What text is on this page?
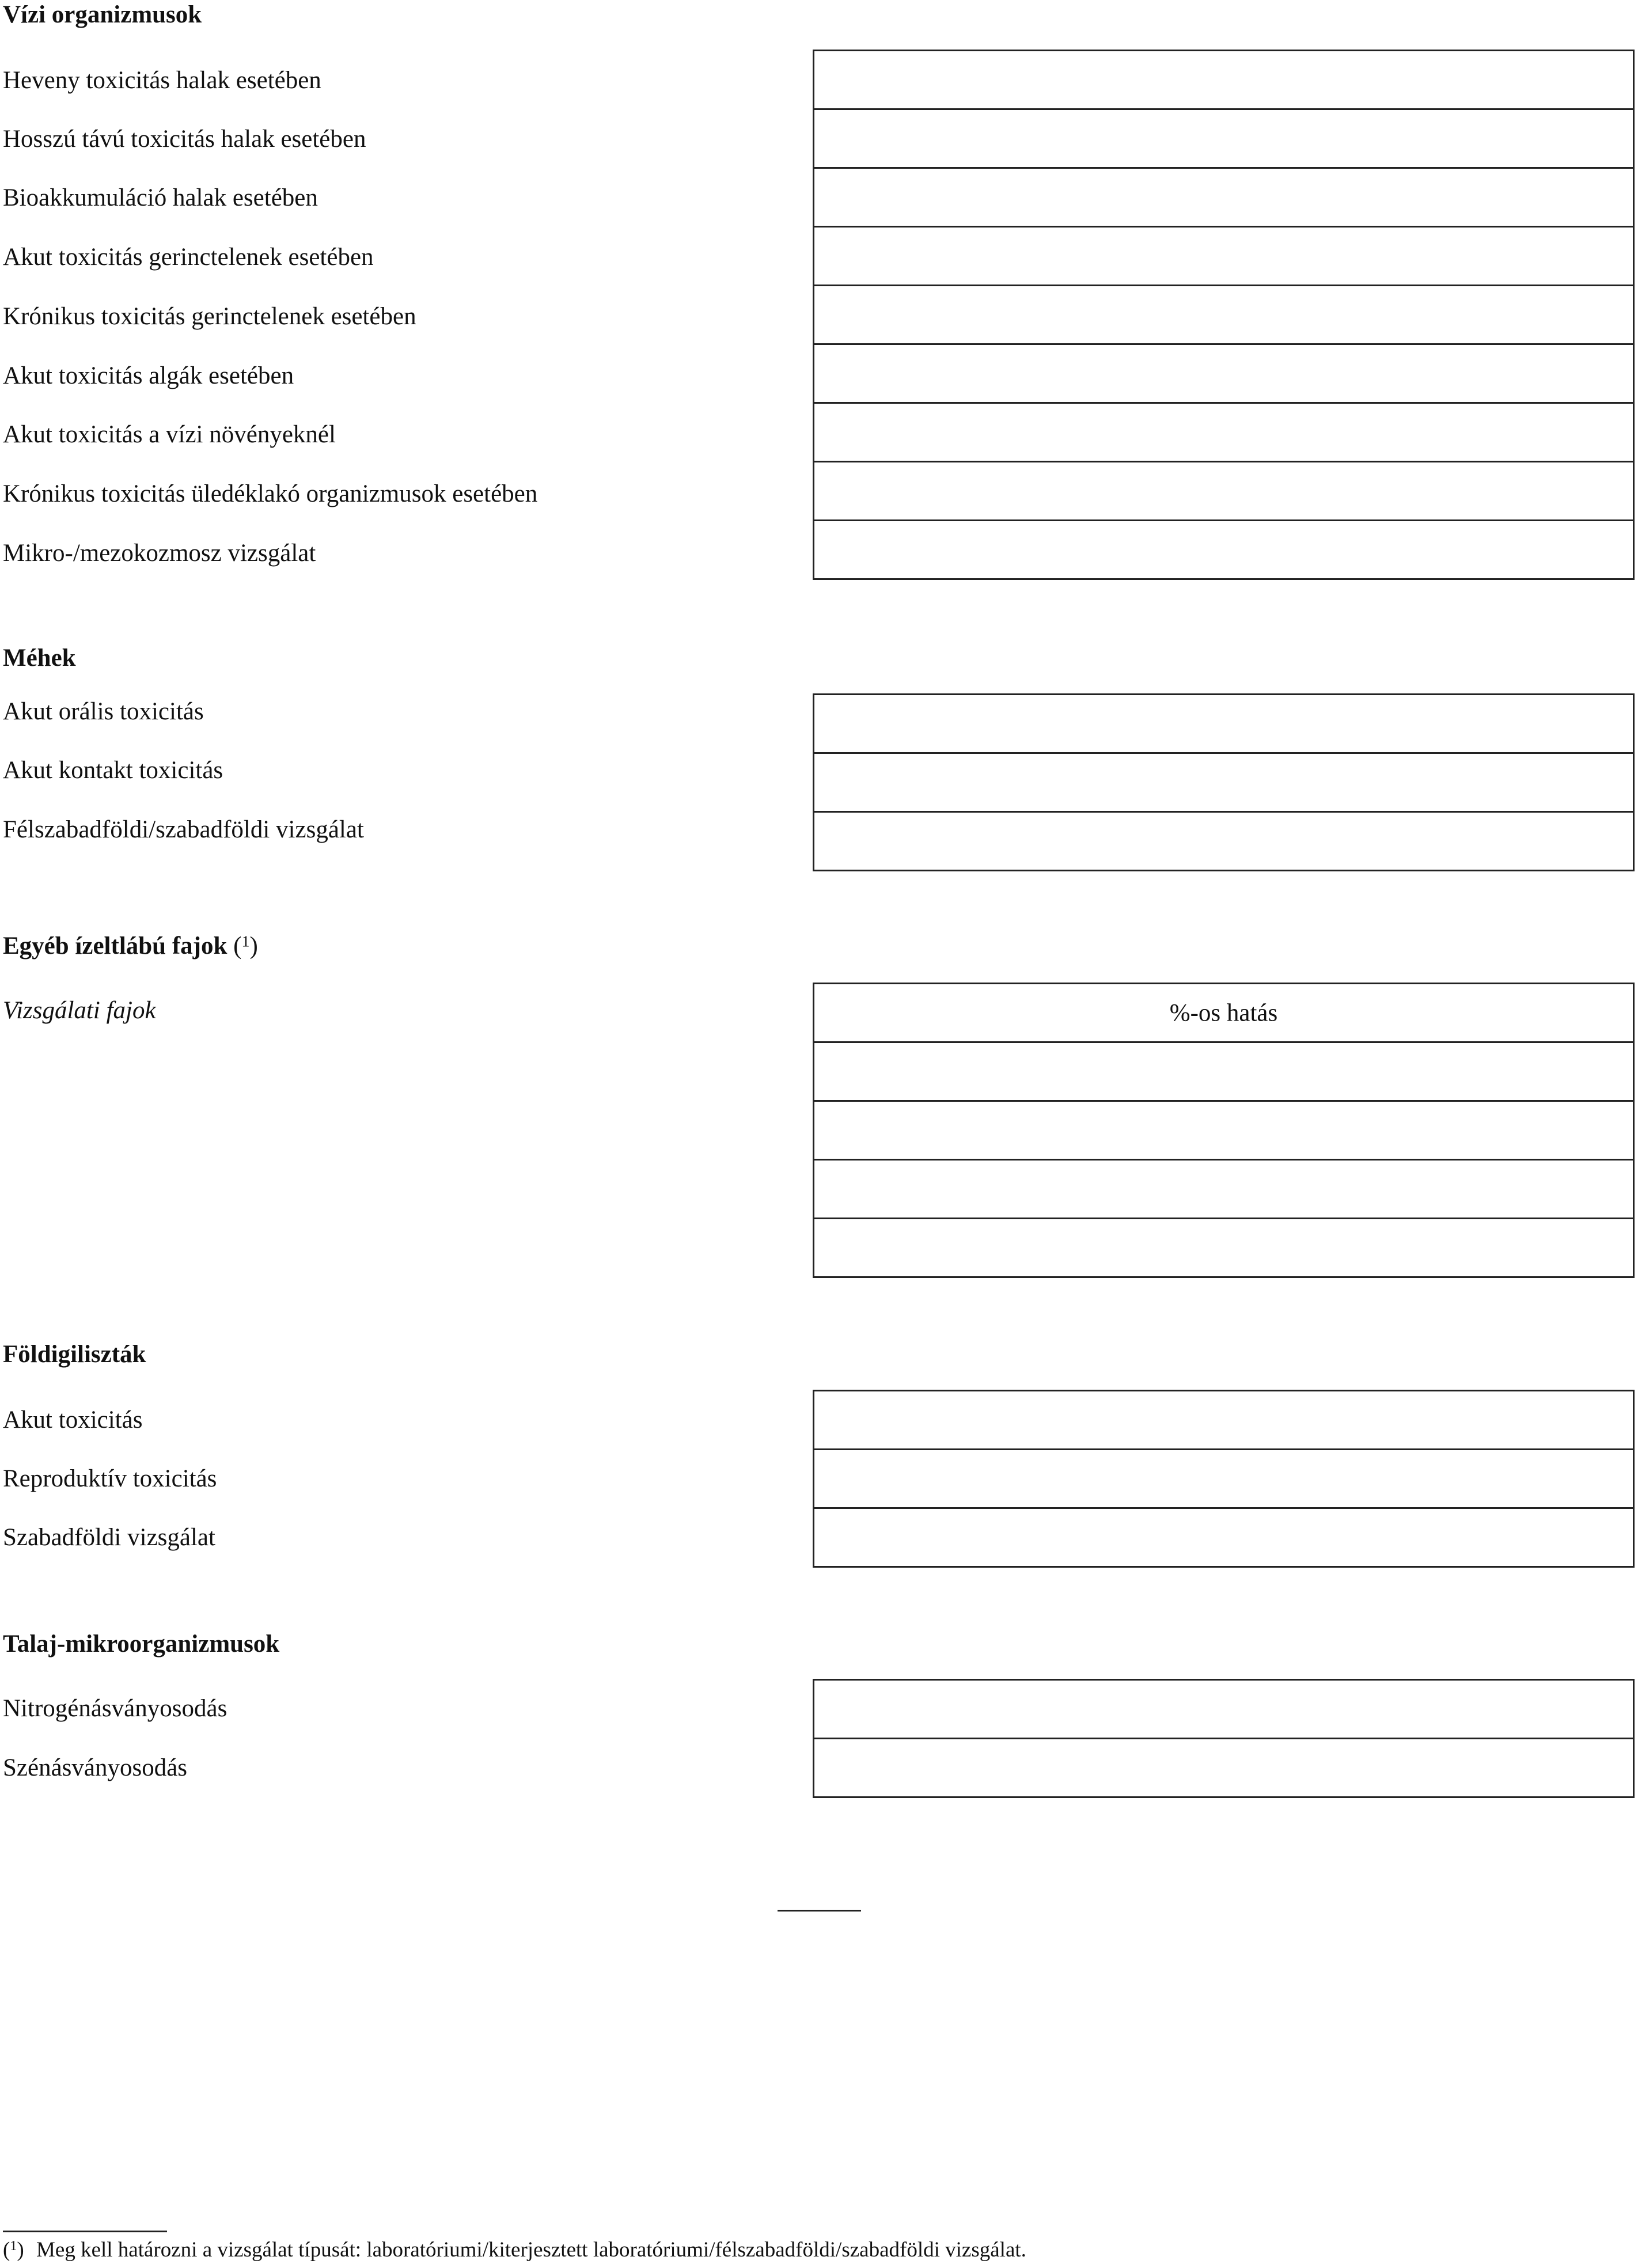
Vízi organizmusok
Heveny toxicitás halak esetében
Hosszú távú toxicitás halak esetében
Bioakkumuláció halak esetében
Akut toxicitás gerinctelenek esetében
Krónikus toxicitás gerinctelenek esetében
Akut toxicitás algák esetében
Akut toxicitás a vízi növényeknél
Krónikus toxicitás üledéklakó organizmusok esetében
Mikro-/mezokozmosz vizsgálat
Méhek
Akut orális toxicitás
Akut kontakt toxicitás
Félszabadföldi/szabadföldi vizsgálat
Egyéb ízeltlábú fajok ($^1$)
Vizsgálati fajok	%-os hatás
Földigiliszták
Akut toxicitás
Reproduktív toxicitás
Szabadföldi vizsgálat
Talaj-mikroorganizmusok
Nitrogénásványosodás
Szénásványosodás
($^1$) Meg kell határozni a vizsgálat típusát: laboratóriumi/kiterjesztett laboratóriumi/félszabadföldi/szabadföldi vizsgálat.
